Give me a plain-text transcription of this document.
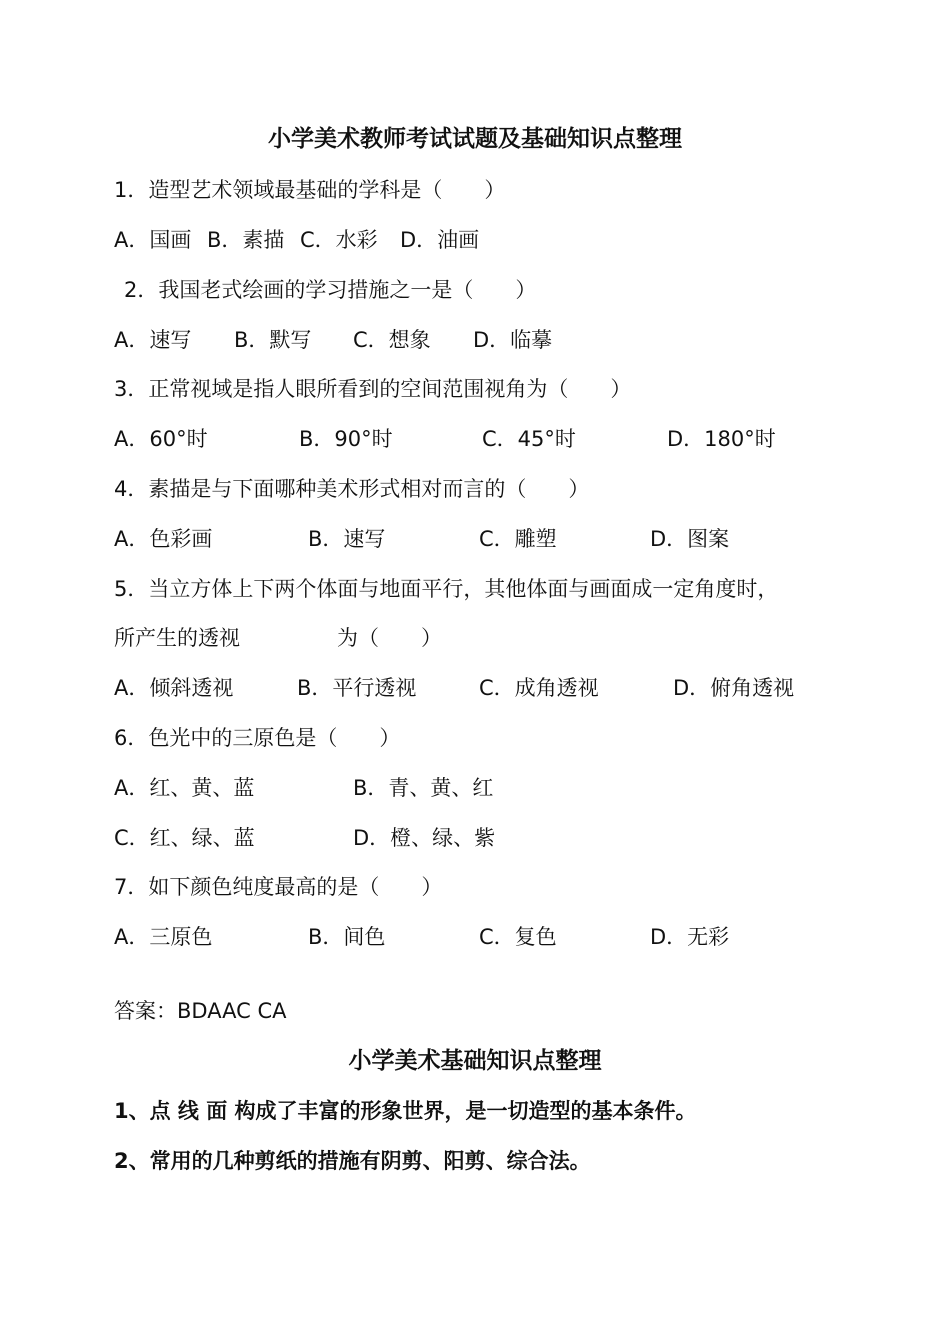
小学美术教师考试试题及基础知识点整理
1．造型艺术领域最基础的学科是（　　）
A．国画 B．素描 C．水彩 D．油画
2．我国老式绘画的学习措施之一是（　　）
A．速写 B．默写 C．想象 D．临摹
3．正常视域是指人眼所看到的空间范围视角为（　　）
A．60°时	B．90°时	C．45°时	D．180°时
4．素描是与下面哪种美术形式相对而言的（　　）
A．色彩画	B．速写	C．雕塑	D．图案
5．当立方体上下两个体面与地面平行，其他体面与画面成一定角度时，
所产生的透视	为（　　）
A．倾斜透视	B．平行透视	C．成角透视	D．俯角透视
6．色光中的三原色是（　　）
A．红、黄、蓝	B．青、黄、红
C．红、绿、蓝	D．橙、绿、紫
7．如下颜色纯度最高的是（　　）
A．三原色	B．间色	C．复色	D．无彩
答案：BDAAC CA
小学美术基础知识点整理
1、点 线 面 构成了丰富的形象世界，是一切造型的基本条件。
2、常用的几种剪纸的措施有阴剪、阳剪、综合法。
